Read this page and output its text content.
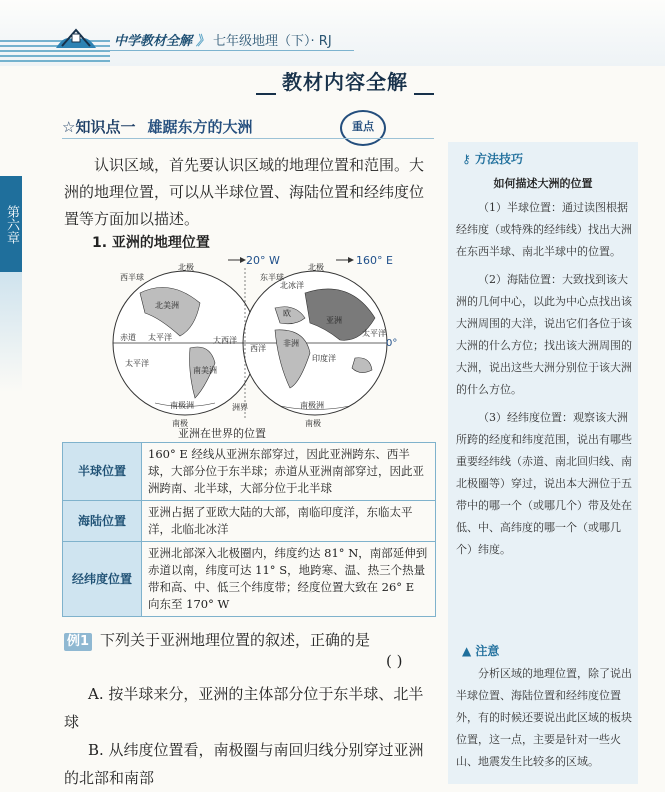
中学教材全解 》 七年级地理（下）· RJ
教材内容全解
☆知识点一 雄踞东方的大洲	重点
第六章
认识区域，首先要认识区域的地理位置和范围。大洲的地理位置，可以从半球位置、海陆位置和经纬度位置等方面加以描述。
1. 亚洲的地理位置
20° W	160° E
0°
北极	北极
南极	南极
洲界
西半球	东半球
北冰洋
赤道 太平洋	太平洋
太平洋
亚洲
欧
非洲
北美洲
南美洲
南极洲	南极洲
印度洋
大西洋
西洋
亚洲在世界的位置
半球位置	160° E 经线从亚洲东部穿过，因此亚洲跨东、西半球，大部分位于东半球；赤道从亚洲南部穿过，因此亚洲跨南、北半球，大部分位于北半球
海陆位置	亚洲占据了亚欧大陆的大部，南临印度洋，东临太平洋，北临北冰洋
经纬度位置	亚洲北部深入北极圈内，纬度约达 81° N，南部延伸到赤道以南，纬度可达 11° S，地跨寒、温、热三个热量带和高、中、低三个纬度带；经度位置大致在 26° E 向东至 170° W
例1 下列关于亚洲地理位置的叙述，正确的是
( )
A. 按半球来分，亚洲的主体部分位于东半球、北半球
B. 从纬度位置看，南极圈与南回归线分别穿过亚洲的北部和南部
⚷ 方法技巧
如何描述大洲的位置

（1）半球位置：通过读图根据经纬度（或特殊的经纬线）找出大洲在东西半球、南北半球中的位置。

（2）海陆位置：大致找到该大洲的几何中心，以此为中心点找出该大洲周围的大洋，说出它们各位于该大洲的什么方位；找出该大洲周围的大洲，说出这些大洲分别位于该大洲的什么方位。

（3）经纬度位置：观察该大洲所跨的经度和纬度范围，说出有哪些重要经纬线（赤道、南北回归线、南北极圈等）穿过，说出本大洲位于五带中的哪一个（或哪几个）带及处在低、中、高纬度的哪一个（或哪几个）纬度。

▲ 注意

分析区域的地理位置，除了说出半球位置、海陆位置和经纬度位置外，有的时候还要说出此区域的板块位置，这一点，主要是针对一些火山、地震发生比较多的区域。
